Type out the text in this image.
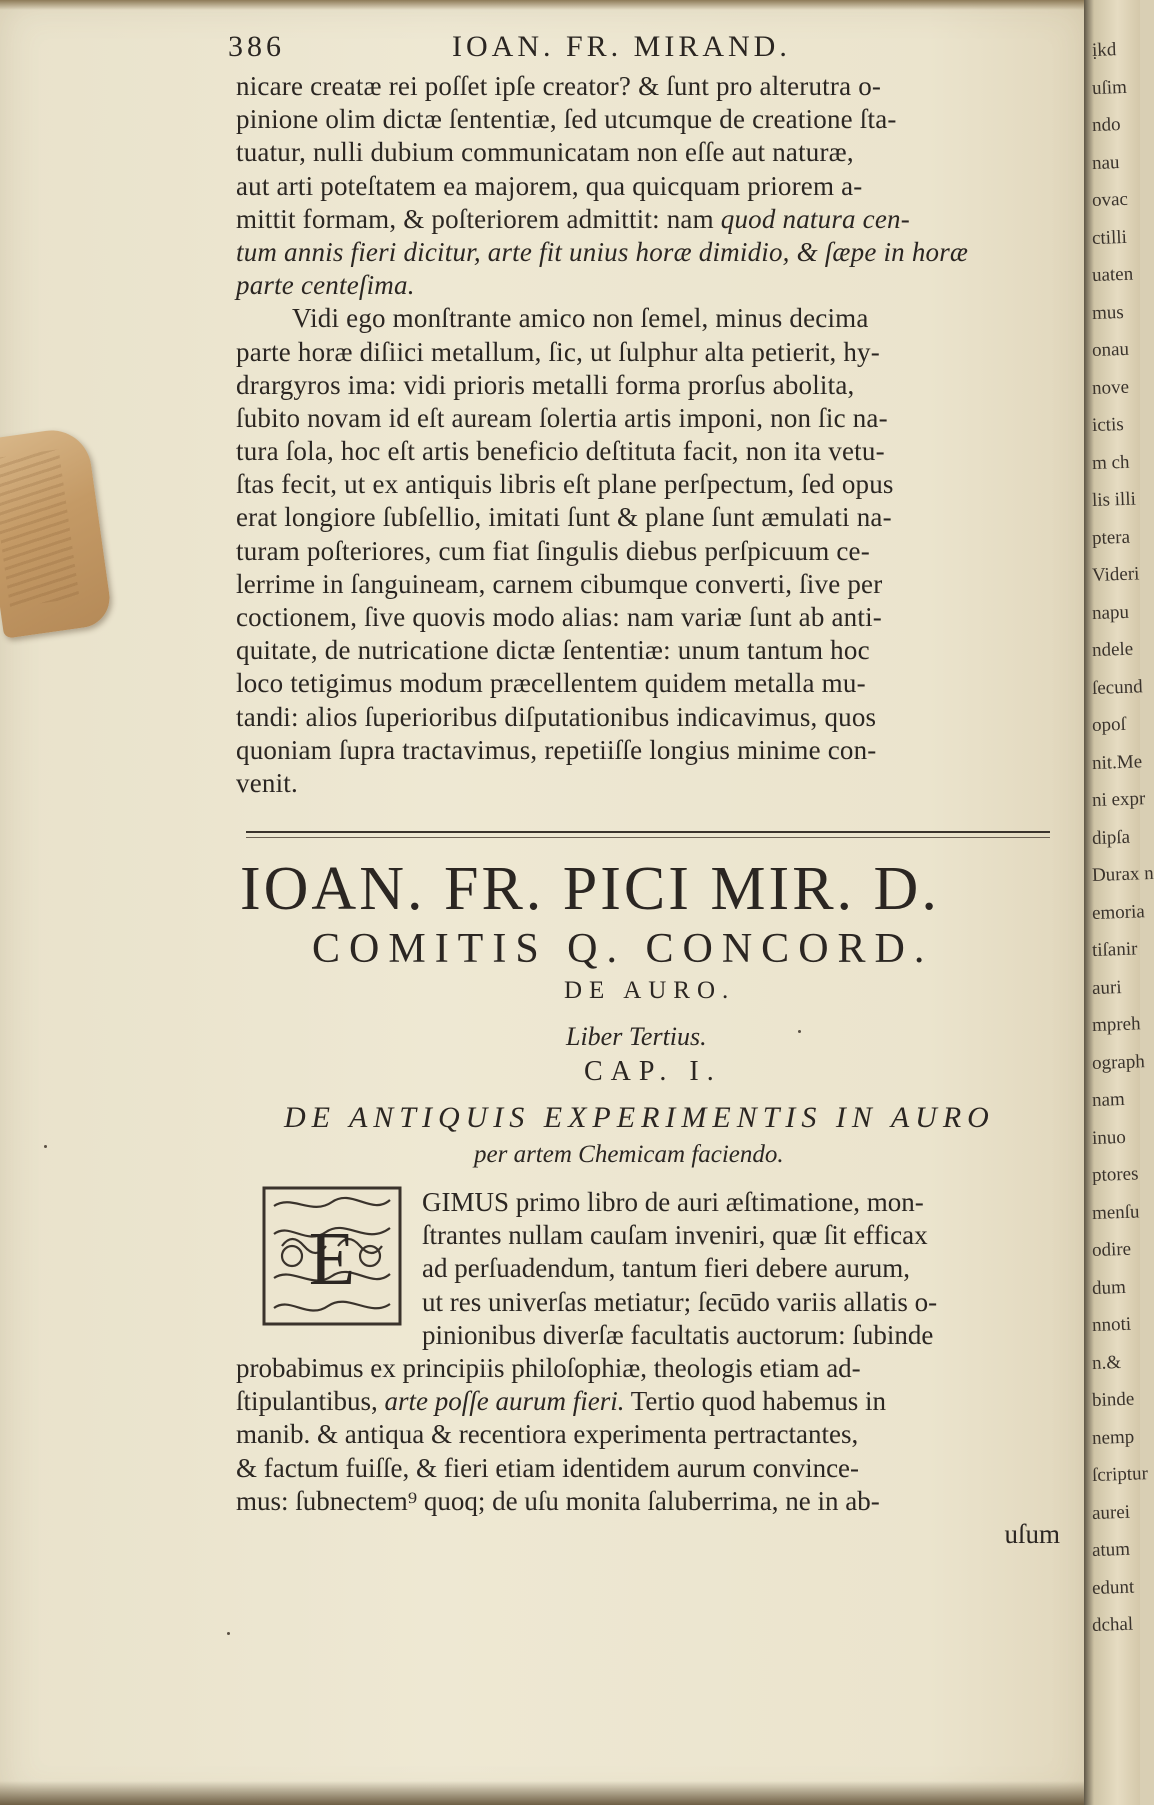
386	IOAN. FR. MIRAND.
nicare creatæ rei poſſet ipſe creator? & ſunt pro alterutra o-
pinione olim dictæ ſententiæ, ſed utcumque de creatione ſta-
tuatur, nulli dubium communicatam non eſſe aut naturæ,
aut arti poteſtatem ea majorem, qua quicquam priorem a-
mittit formam, & poſteriorem admittit: nam quod natura cen-
tum annis fieri dicitur, arte fit unius horæ dimidio, & ſæpe in horæ
parte centeſima.
Vidi ego monſtrante amico non ſemel, minus decima
parte horæ diſiici metallum, ſic, ut ſulphur alta petierit, hy-
drargyros ima: vidi prioris metalli forma prorſus abolita,
ſubito novam id eſt auream ſolertia artis imponi, non ſic na-
tura ſola, hoc eſt artis beneficio deſtituta facit, non ita vetu-
ſtas fecit, ut ex antiquis libris eſt plane perſpectum, ſed opus
erat longiore ſubſellio, imitati ſunt & plane ſunt æmulati na-
turam poſteriores, cum fiat ſingulis diebus perſpicuum ce-
lerrime in ſanguineam, carnem cibumque converti, ſive per
coctionem, ſive quovis modo alias: nam variæ ſunt ab anti-
quitate, de nutricatione dictæ ſententiæ: unum tantum hoc
loco tetigimus modum præcellentem quidem metalla mu-
tandi: alios ſuperioribus diſputationibus indicavimus, quos
quoniam ſupra tractavimus, repetiiſſe longius minime con-
venit.
IOAN. FR. PICI MIR. D.
COMITIS Q. CONCORD.
DE AURO.
Liber Tertius.
CAP. I.
DE ANTIQUIS EXPERIMENTIS IN AURO
per artem Chemicam faciendo.
E
GIMUS primo libro de auri æſtimatione, mon-
ſtrantes nullam cauſam inveniri, quæ ſit efficax
ad perſuadendum, tantum fieri debere aurum,
ut res univerſas metiatur; ſecūdo variis allatis o-
pinionibus diverſæ facultatis auctorum: ſubinde
probabimus ex principiis philoſophiæ, theologis etiam ad-
ſtipulantibus, arte poſſe aurum fieri. Tertio quod habemus in
manib. & antiqua & recentiora experimenta pertractantes,
& factum fuiſſe, & fieri etiam identidem aurum convince-
mus: ſubnectem⁹ quoq; de uſu monita ſaluberrima, ne in ab-
uſum
ịkd
uſim
ndo
nau
ovac
ctilli
uaten
mus
onau
nove
ictis
m ch
lis illi
ptera
Videri
napu
ndele
ſecund
opoſ
nit.Me
ni expr
dipſa
Durax n
emoria
tiſanir
auri
mpreh
ograph
nam
inuo
ptores
menſu
odire
dum
nnoti
n.&
binde
nemp
ſcriptur
aurei
atum
edunt
dchal
